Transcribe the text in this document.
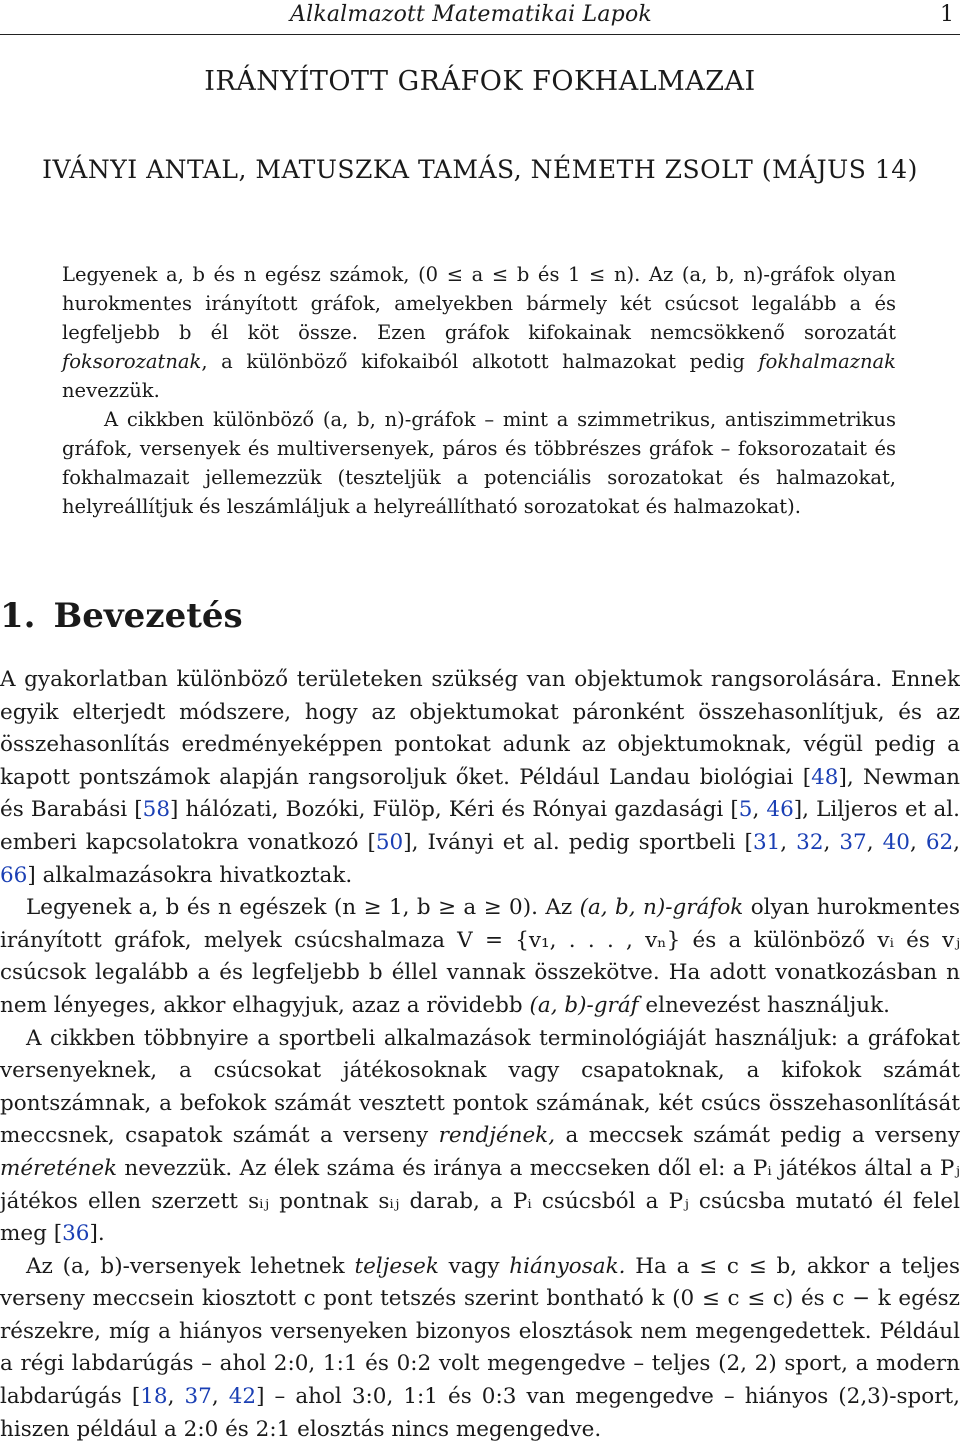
Alkalmazott Matematikai Lapok	1
IRÁNYÍTOTT GRÁFOK FOKHALMAZAI
IVÁNYI ANTAL, MATUSZKA TAMÁS, NÉMETH ZSOLT (MÁJUS 14)

Legyenek a, b és n egész számok, (0 ≤ a ≤ b és 1 ≤ n). Az (a, b, n)-gráfok olyan hurokmentes irányított gráfok, amelyekben bármely két csúcsot legalább a és legfeljebb b él köt össze. Ezen gráfok kifokainak nemcsökkenő sorozatát foksorozatnak, a különböző kifokaiból alkotott halmazokat pedig fokhalmaznak nevezzük.

A cikkben különböző (a, b, n)-gráfok – mint a szimmetrikus, antiszimmetrikus gráfok, versenyek és multiversenyek, páros és többrészes gráfok – foksorozatait és fokhalmazait jellemezzük (teszteljük a potenciális sorozatokat és halmazokat, helyreállítjuk és leszámláljuk a helyreállítható sorozatokat és halmazokat).

1. Bevezetés

A gyakorlatban különböző területeken szükség van objektumok rangsorolására. Ennek egyik elterjedt módszere, hogy az objektumokat páronként összehasonlítjuk, és az összehasonlítás eredményeképpen pontokat adunk az objektumoknak, végül pedig a kapott pontszámok alapján rangsoroljuk őket. Például Landau biológiai [48], Newman és Barabási [58] hálózati, Bozóki, Fülöp, Kéri és Rónyai gazdasági [5, 46], Liljeros et al. emberi kapcsolatokra vonatkozó [50], Iványi et al. pedig sportbeli [31, 32, 37, 40, 62, 66] alkalmazásokra hivatkoztak.

Legyenek a, b és n egészek (n ≥ 1, b ≥ a ≥ 0). Az (a, b, n)-gráfok olyan hurokmentes irányított gráfok, melyek csúcshalmaza V = {v₁, . . . , vₙ} és a különböző vᵢ és vⱼ csúcsok legalább a és legfeljebb b éllel vannak összekötve. Ha adott vonatkozásban n nem lényeges, akkor elhagyjuk, azaz a rövidebb (a, b)-gráf elnevezést használjuk.

A cikkben többnyire a sportbeli alkalmazások terminológiáját használjuk: a gráfokat versenyeknek, a csúcsokat játékosoknak vagy csapatoknak, a kifokok számát pontszámnak, a befokok számát vesztett pontok számának, két csúcs összehasonlítását meccsnek, csapatok számát a verseny rendjének, a meccsek számát pedig a verseny méretének nevezzük. Az élek száma és iránya a meccseken dől el: a Pᵢ játékos által a Pⱼ játékos ellen szerzett sᵢⱼ pontnak sᵢⱼ darab, a Pᵢ csúcsból a Pⱼ csúcsba mutató él felel meg [36].

Az (a, b)-versenyek lehetnek teljesek vagy hiányosak. Ha a ≤ c ≤ b, akkor a teljes verseny meccsein kiosztott c pont tetszés szerint bontható k (0 ≤ c ≤ c) és c − k egész részekre, míg a hiányos versenyeken bizonyos elosztások nem megengedettek. Például a régi labdarúgás – ahol 2:0, 1:1 és 0:2 volt megengedve – teljes (2, 2) sport, a modern labdarúgás [18, 37, 42] – ahol 3:0, 1:1 és 0:3 van megengedve – hiányos (2,3)-sport, hiszen például a 2:0 és 2:1 elosztás nincs megengedve.
